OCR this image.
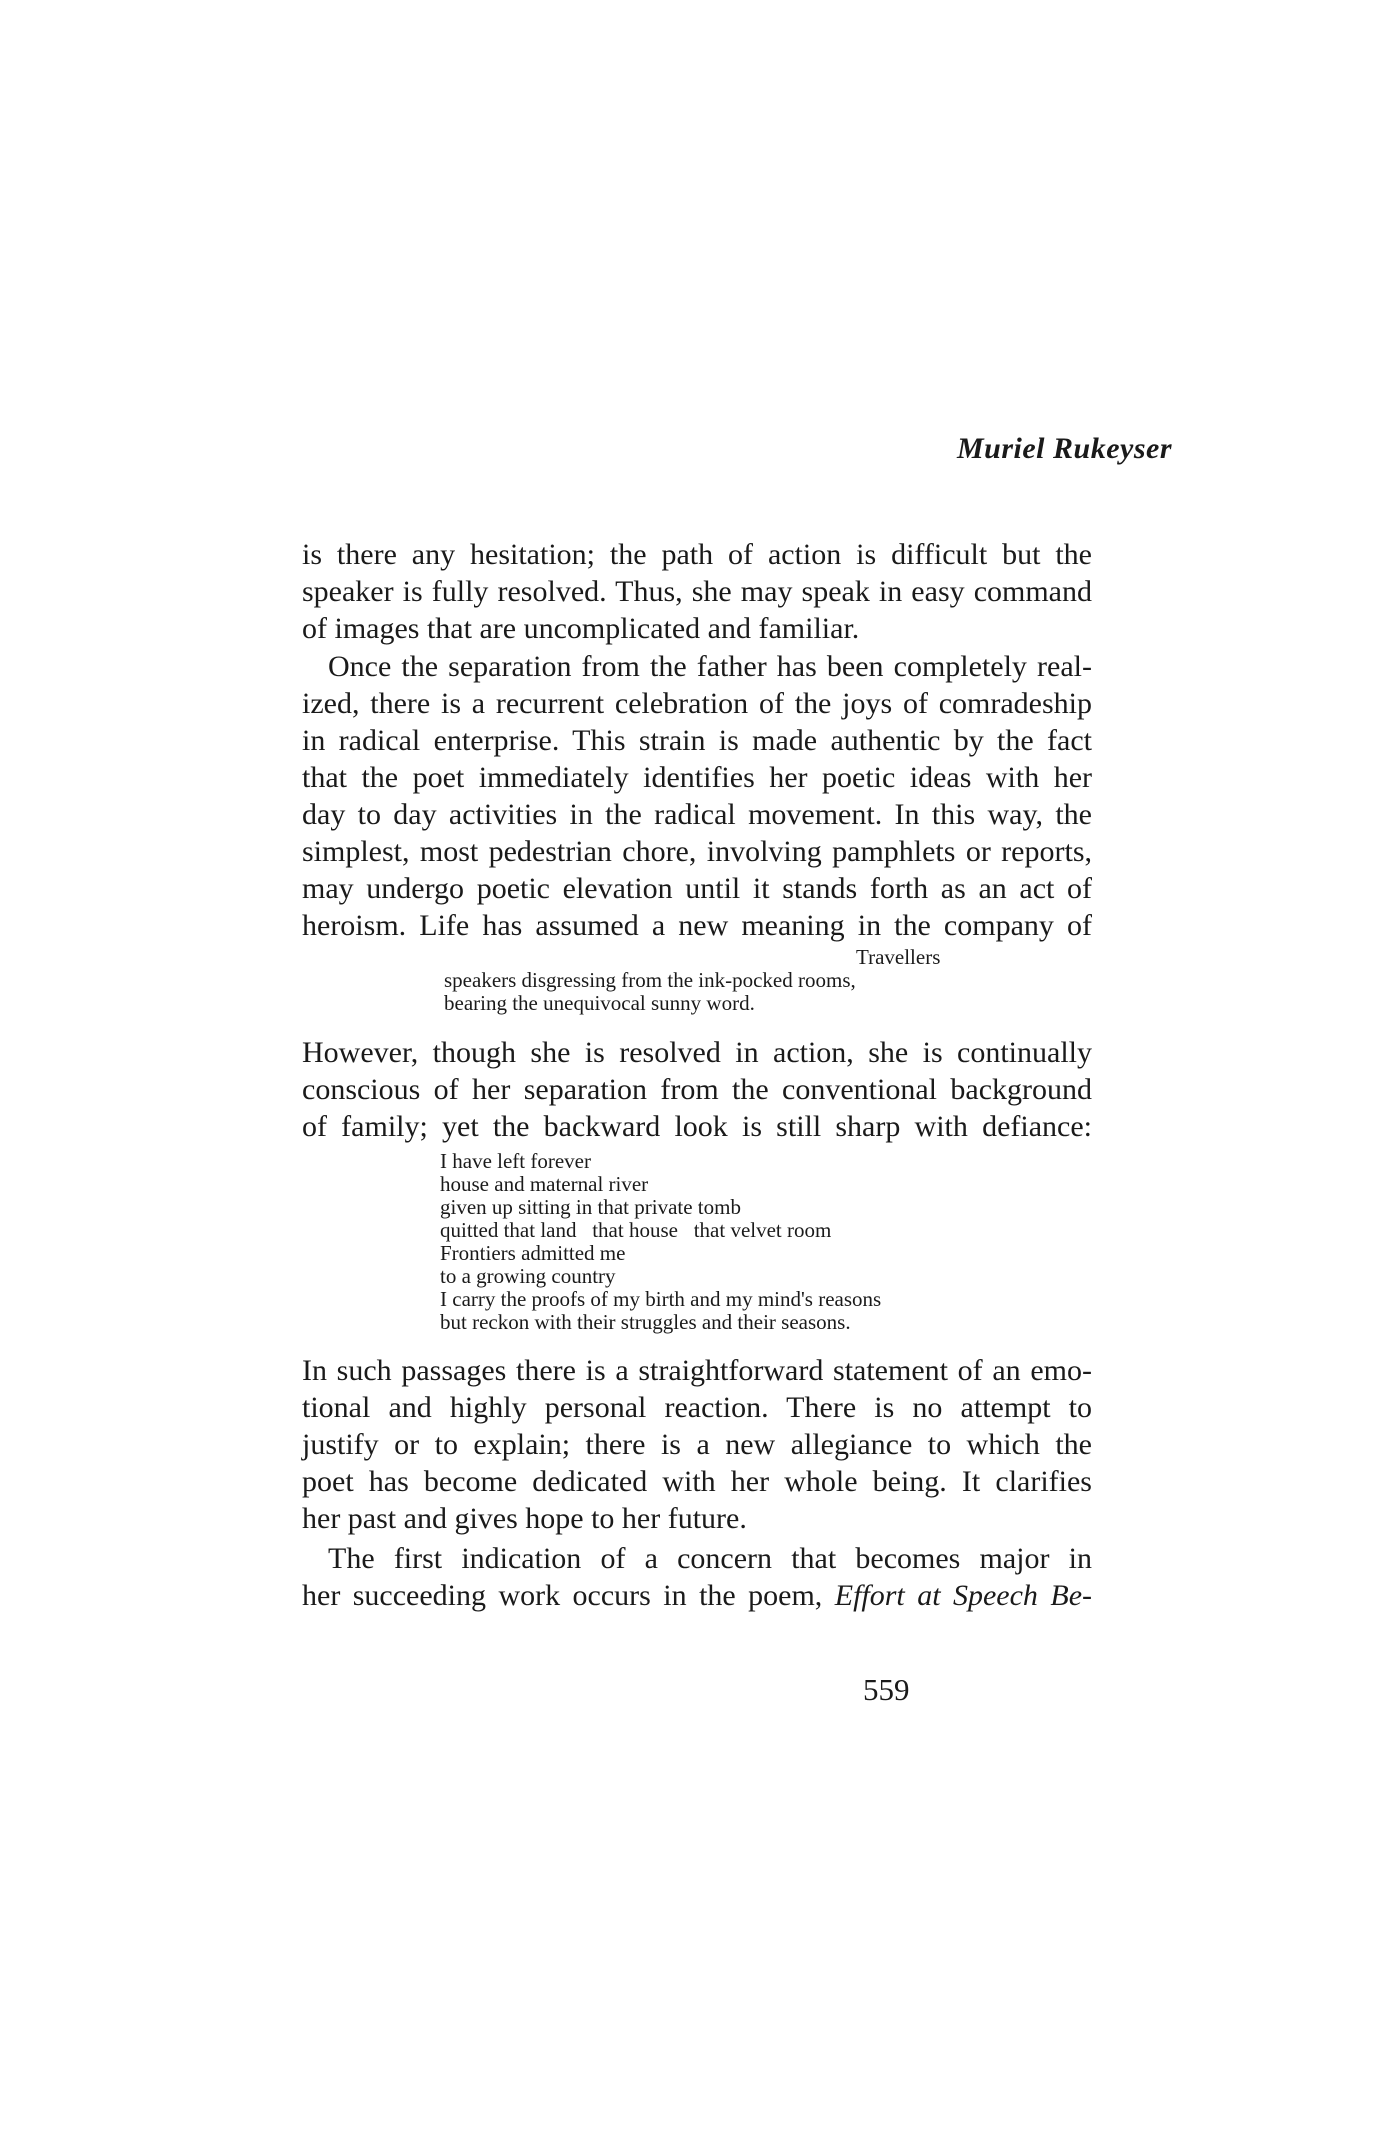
Muriel Rukeyser
is there any hesitation; the path of action is difficult but the
speaker is fully resolved. Thus, she may speak in easy command
of images that are uncomplicated and familiar.
Once the separation from the father has been completely real-
ized, there is a recurrent celebration of the joys of comradeship
in radical enterprise. This strain is made authentic by the fact
that the poet immediately identifies her poetic ideas with her
day to day activities in the radical movement. In this way, the
simplest, most pedestrian chore, involving pamphlets or reports,
may undergo poetic elevation until it stands forth as an act of
heroism. Life has assumed a new meaning in the company of
Travellers
speakers disgressing from the ink-pocked rooms,
bearing the unequivocal sunny word.
However, though she is resolved in action, she is continually
conscious of her separation from the conventional background
of family; yet the backward look is still sharp with defiance:
I have left forever
house and maternal river
given up sitting in that private tomb
quitted that land   that house   that velvet room
Frontiers admitted me
to a growing country
I carry the proofs of my birth and my mind's reasons
but reckon with their struggles and their seasons.
In such passages there is a straightforward statement of an emo-
tional and highly personal reaction. There is no attempt to
justify or to explain; there is a new allegiance to which the
poet has become dedicated with her whole being. It clarifies
her past and gives hope to her future.
The first indication of a concern that becomes major in
her succeeding work occurs in the poem, Effort at Speech Be-
559
